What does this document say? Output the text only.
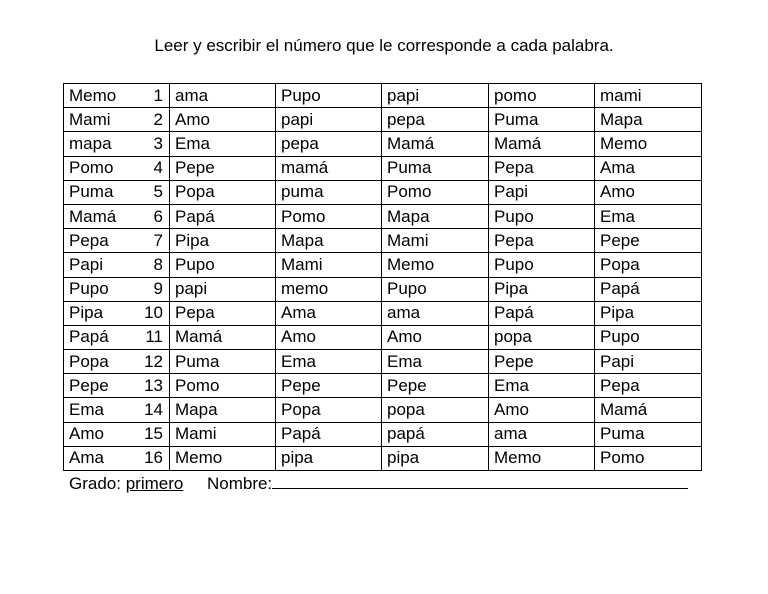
Leer y escribir el número que le corresponde a cada palabra.
Memo 1	ama	Pupo	papi	pomo	mami

Mami 2	Amo	papi	pepa	Puma	Mapa

mapa 3	Ema	pepa	Mamá	Mamá	Memo

Pomo 4	Pepe	mamá	Puma	Pepa	Ama

Puma 5	Popa	puma	Pomo	Papi	Amo

Mamá 6	Papá	Pomo	Mapa	Pupo	Ema

Pepa 7	Pipa	Mapa	Mami	Pepa	Pepe

Papi 8	Pupo	Mami	Memo	Pupo	Popa

Pupo 9	papi	memo	Pupo	Pipa	Papá

Pipa 10	Pepa	Ama	ama	Papá	Pipa

Papá 11	Mamá	Amo	Amo	popa	Pupo

Popa 12	Puma	Ema	Ema	Pepe	Papi

Pepe 13	Pomo	Pepe	Pepe	Ema	Pepa

Ema 14	Mapa	Popa	popa	Amo	Mamá

Amo 15	Mami	Papá	papá	ama	Puma

Ama 16	Memo	pipa	pipa	Memo	Pomo
Grado: primero Nombre:
